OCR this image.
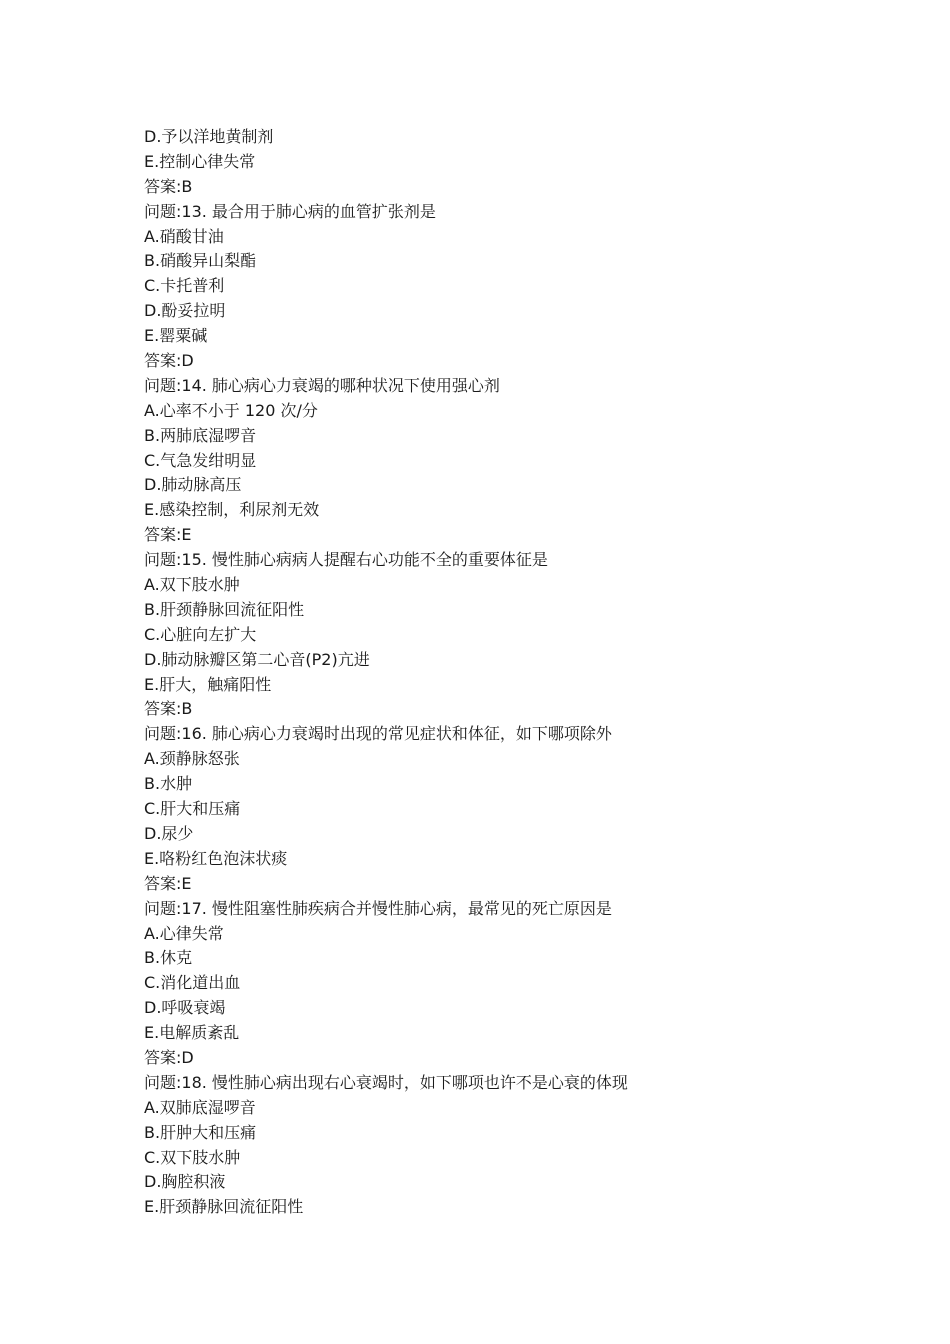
D.予以洋地黄制剂

E.控制心律失常

答案:B

问题:13. 最合用于肺心病的血管扩张剂是

A.硝酸甘油

B.硝酸异山梨酯

C.卡托普利

D.酚妥拉明

E.罂粟碱

答案:D

问题:14. 肺心病心力衰竭的哪种状况下使用强心剂

A.心率不小于 120 次/分

B.两肺底湿啰音

C.气急发绀明显

D.肺动脉高压

E.感染控制，利尿剂无效

答案:E

问题:15. 慢性肺心病病人提醒右心功能不全的重要体征是

A.双下肢水肿

B.肝颈静脉回流征阳性

C.心脏向左扩大

D.肺动脉瓣区第二心音(P2)亢进

E.肝大，触痛阳性

答案:B

问题:16. 肺心病心力衰竭时出现的常见症状和体征，如下哪项除外

A.颈静脉怒张

B.水肿

C.肝大和压痛

D.尿少

E.咯粉红色泡沫状痰

答案:E

问题:17. 慢性阻塞性肺疾病合并慢性肺心病，最常见的死亡原因是

A.心律失常

B.休克

C.消化道出血

D.呼吸衰竭

E.电解质紊乱

答案:D

问题:18. 慢性肺心病出现右心衰竭时，如下哪项也许不是心衰的体现

A.双肺底湿啰音

B.肝肿大和压痛

C.双下肢水肿

D.胸腔积液

E.肝颈静脉回流征阳性
